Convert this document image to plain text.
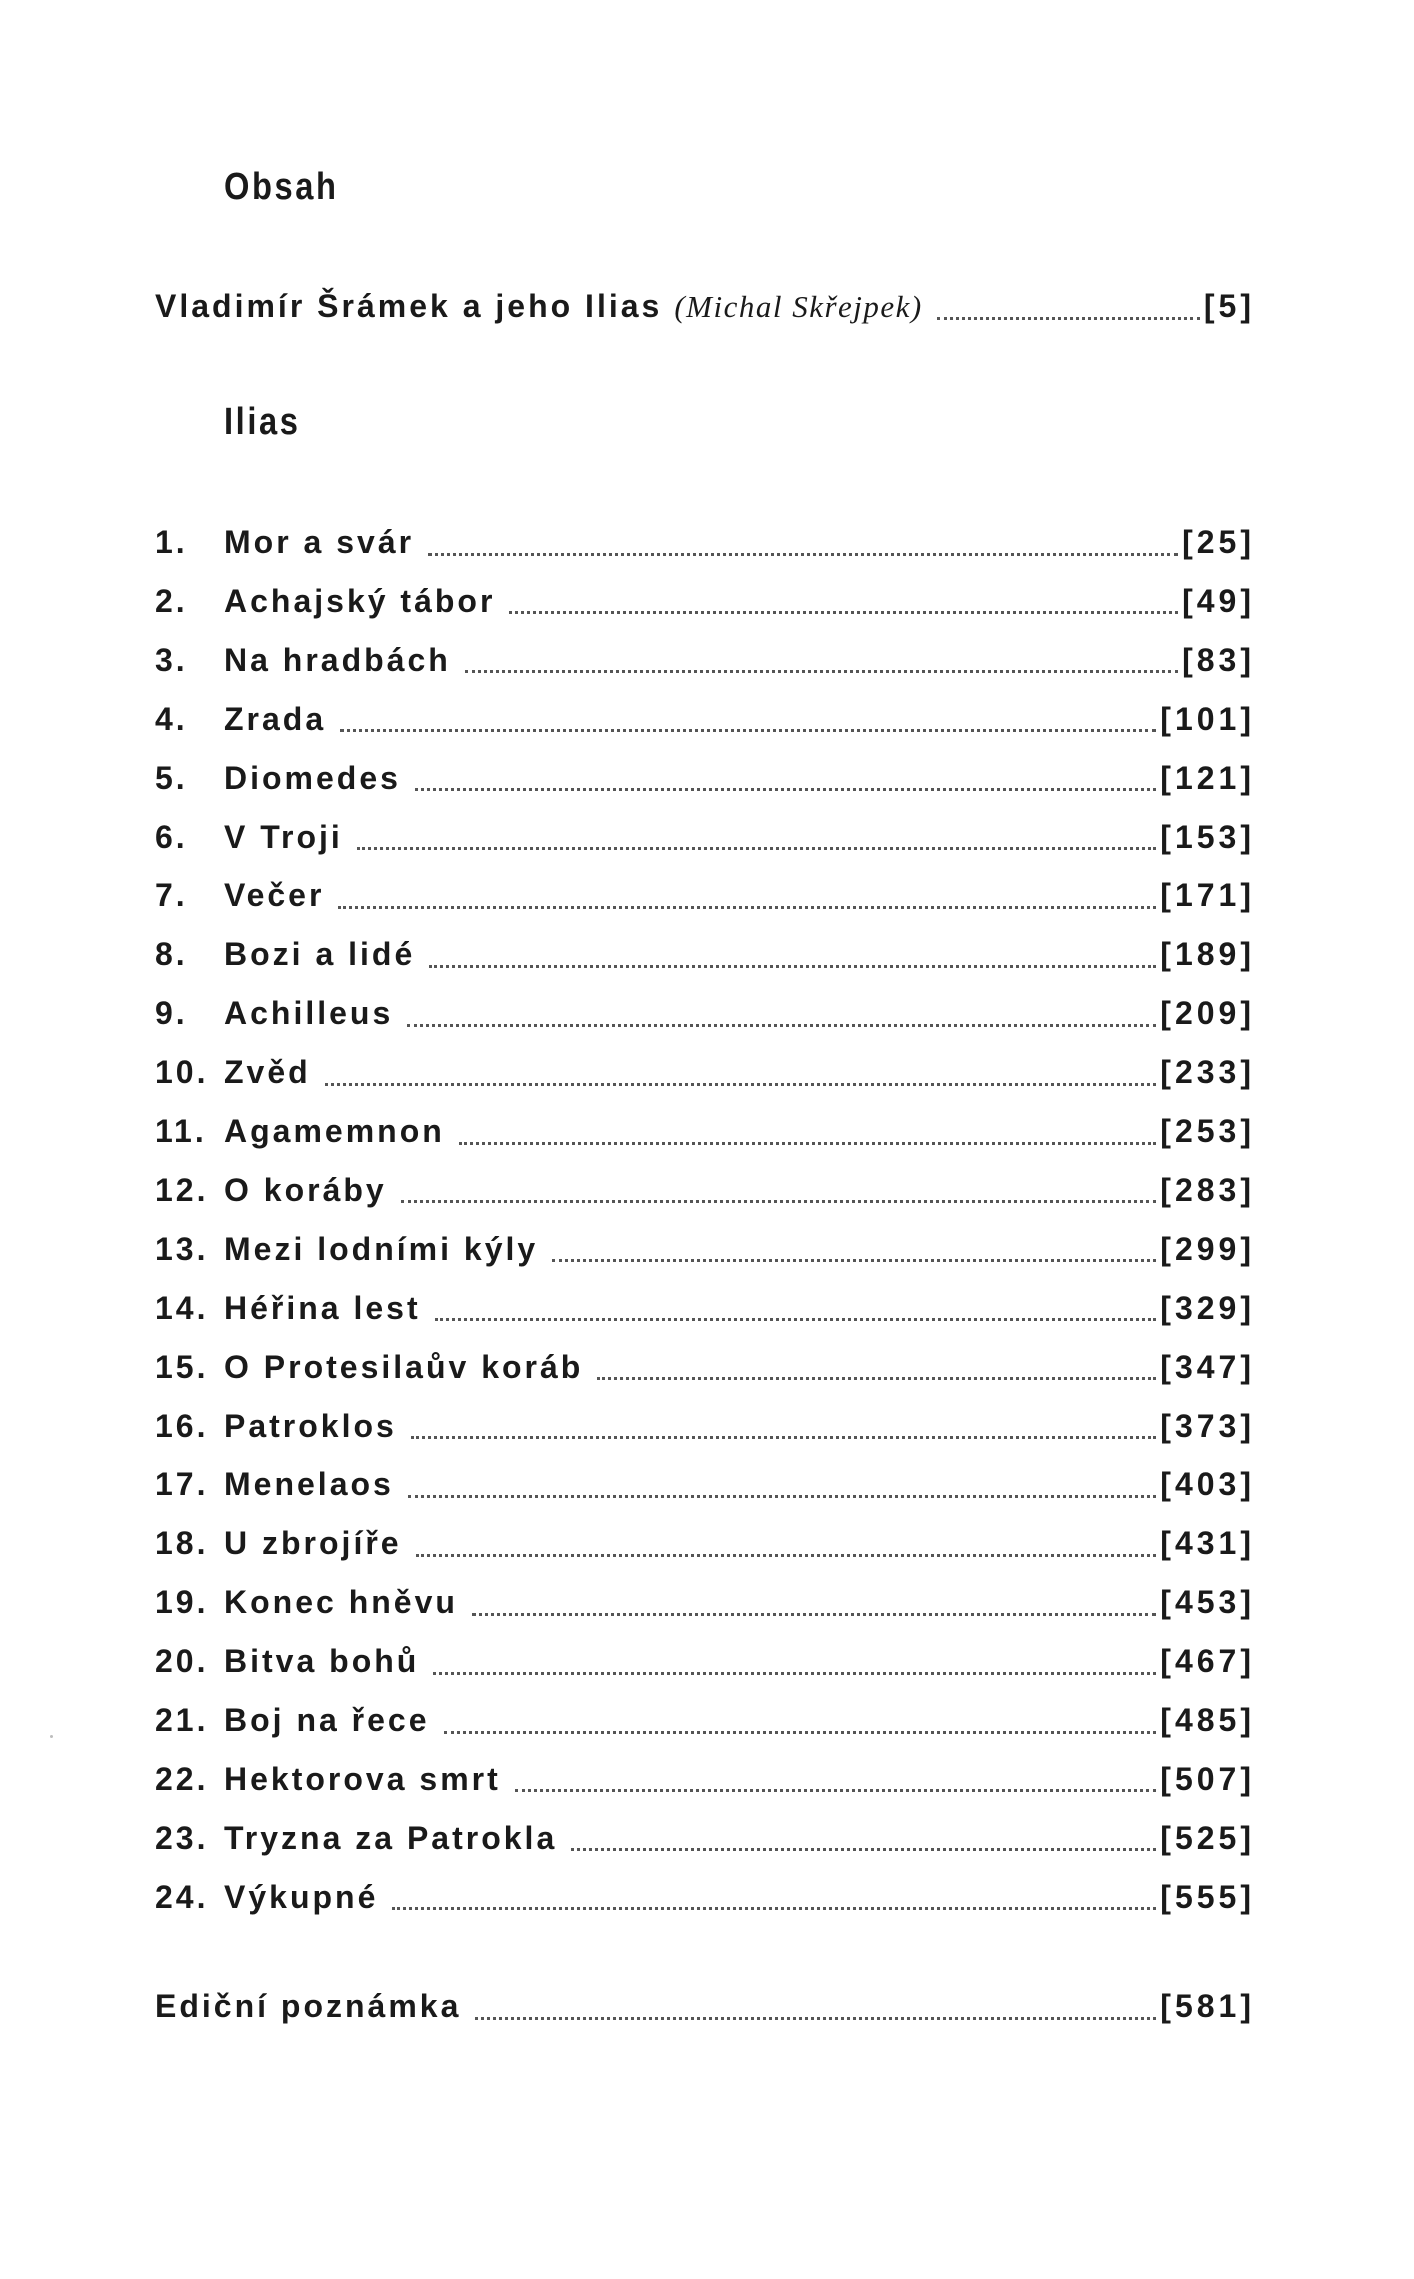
Obsah
Vladimír Šrámek a jeho Ilias (Michal Skřejpek)	[5]
Ilias
1.	Mor a svár	[25]
2.	Achajský tábor	[49]
3.	Na hradbách	[83]
4.	Zrada	[101]
5.	Diomedes	[121]
6.	V Troji	[153]
7.	Večer	[171]
8.	Bozi a lidé	[189]
9.	Achilleus	[209]
10. Zvěd	[233]
11. Agamemnon	[253]
12. O koráby	[283]
13. Mezi lodními kýly	[299]
14. Héřina lest	[329]
15. O Protesilaův koráb	[347]
16. Patroklos	[373]
17. Menelaos	[403]
18. U zbrojíře	[431]
19. Konec hněvu	[453]
20. Bitva bohů	[467]
21. Boj na řece	[485]
22. Hektorova smrt	[507]
23. Tryzna za Patrokla	[525]
24. Výkupné	[555]
Ediční poznámka	[581]
